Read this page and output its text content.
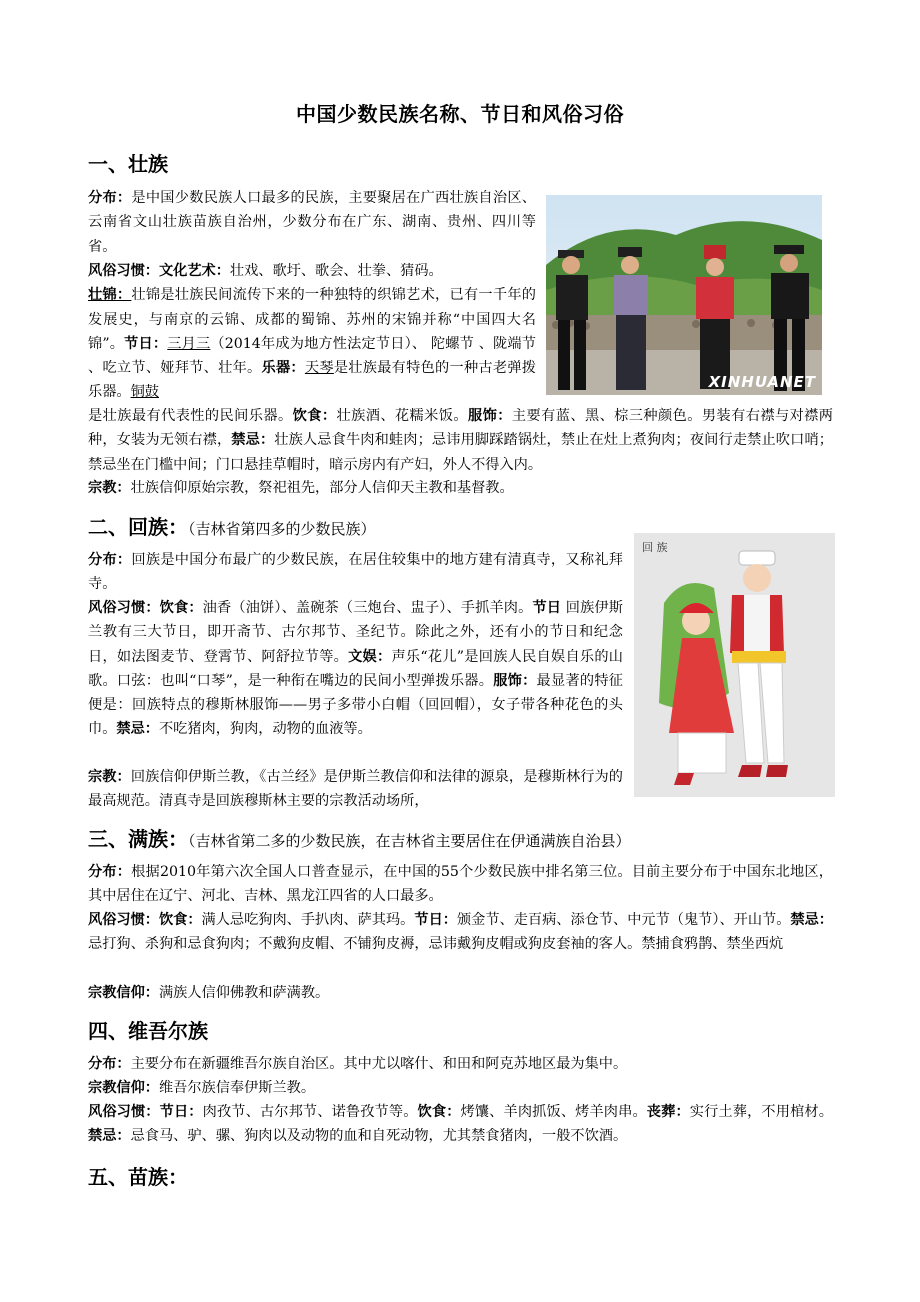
中国少数民族名称、节日和风俗习俗
一、壮族
XINHUANET
分布：是中国少数民族人口最多的民族，主要聚居在广西壮族自治区、云南省文山壮族苗族自治州，少数分布在广东、湖南、贵州、四川等省。
风俗习惯：文化艺术：壮戏、歌圩、歌会、壮拳、猜码。
壮锦：壮锦是壮族民间流传下来的一种独特的织锦艺术，已有一千年的发展史，与南京的云锦、成都的蜀锦、苏州的宋锦并称“中国四大名锦”。节日：三月三（2014年成为地方性法定节日）、 陀螺节 、陇端节 、吃立节、娅拜节、壮年。乐器：天琴是壮族最有特色的一种古老弹拨乐器。铜鼓
是壮族最有代表性的民间乐器。饮食：壮族酒、花糯米饭。服饰：主要有蓝、黑、棕三种颜色。男装有右襟与对襟两种，女装为无领右襟，禁忌：壮族人忌食牛肉和蛙肉；忌讳用脚踩踏锅灶，禁止在灶上煮狗肉；夜间行走禁止吹口哨；禁忌坐在门槛中间；门口悬挂草帽时，暗示房内有产妇，外人不得入内。
宗教：壮族信仰原始宗教，祭祀祖先，部分人信仰天主教和基督教。
二、回族：（吉林省第四多的少数民族）
回 族
分布：回族是中国分布最广的少数民族，在居住较集中的地方建有清真寺，又称礼拜寺。
风俗习惯：饮食：油香（油饼）、盖碗茶（三炮台、盅子）、手抓羊肉。节日 回族伊斯兰教有三大节日，即开斋节、古尔邦节、圣纪节。除此之外，还有小的节日和纪念日，如法图麦节、登霄节、阿舒拉节等。文娱：声乐“花儿”是回族人民自娱自乐的山歌。口弦：也叫“口琴”，是一种衔在嘴边的民间小型弹拨乐器。服饰：最显著的特征便是：回族特点的穆斯林服饰——男子多带小白帽（回回帽），女子带各种花色的头巾。禁忌：不吃猪肉，狗肉，动物的血液等。
宗教：回族信仰伊斯兰教，《古兰经》是伊斯兰教信仰和法律的源泉，是穆斯林行为的最高规范。清真寺是回族穆斯林主要的宗教活动场所，
三、满族：（吉林省第二多的少数民族，在吉林省主要居住在伊通满族自治县）
分布：根据2010年第六次全国人口普查显示，在中国的55个少数民族中排名第三位。目前主要分布于中国东北地区，其中居住在辽宁、河北、吉林、黑龙江四省的人口最多。
风俗习惯：饮食：满人忌吃狗肉、手扒肉、萨其玛。节日：颁金节、走百病、添仓节、中元节（鬼节）、开山节。禁忌：忌打狗、杀狗和忌食狗肉；不戴狗皮帽、不铺狗皮褥，忌讳戴狗皮帽或狗皮套袖的客人。禁捕食鸦鹊、禁坐西炕
宗教信仰：满族人信仰佛教和萨满教。
四、维吾尔族
分布：主要分布在新疆维吾尔族自治区。其中尤以喀什、和田和阿克苏地区最为集中。
宗教信仰：维吾尔族信奉伊斯兰教。
风俗习惯：节日：肉孜节、古尔邦节、诺鲁孜节等。饮食：烤馕、羊肉抓饭、烤羊肉串。丧葬：实行土葬，不用棺材。 禁忌：忌食马、驴、骡、狗肉以及动物的血和自死动物，尤其禁食猪肉，一般不饮酒。
五、苗族：
